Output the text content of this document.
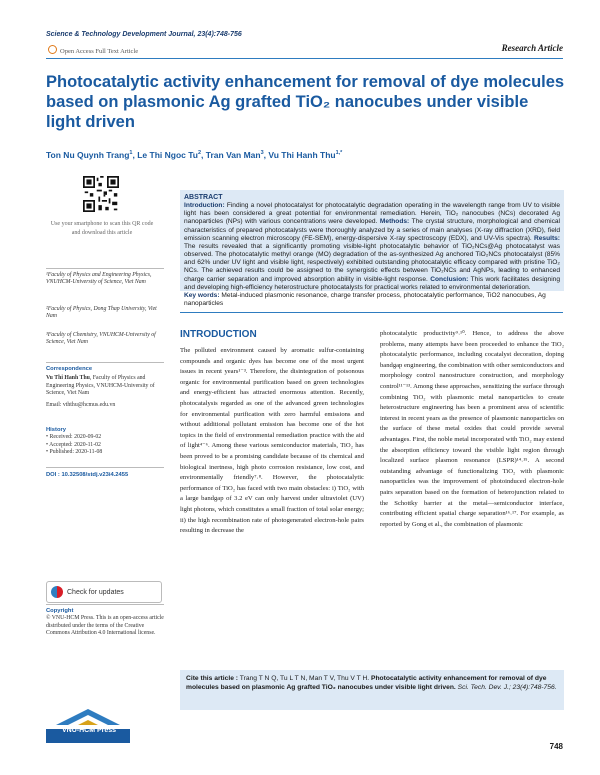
Science & Technology Development Journal, 23(4):748-756
Open Access Full Text Article	Research Article
Photocatalytic activity enhancement for removal of dye molecules based on plasmonic Ag grafted TiO₂ nanocubes under visible light driven
Ton Nu Quynh Trang$^1$, Le Thi Ngoc Tu$^2$, Tran Van Man$^3$, Vu Thi Hanh Thu$^{1,*}$
Use your smartphone to scan this QR code and download this article
ABSTRACT
Introduction: Finding a novel photocatalyst for photocatalytic degradation operating in the wavelength range from UV to visible light has been considered a great potential for environmental remediation. Herein, TiO₂ nanocubes (NCs) decorated Ag nanoparticles (NPs) with various concentrations were developed. Methods: The crystal structure, morphological and chemical characteristics of prepared photocatalysts were thoroughly analyzed by a series of main analyses (X-ray diffraction (XRD), field emission scanning electron microscopy (FE-SEM), energy-dispersive X-ray spectroscopy (EDX), and UV-Vis spectra). Results: The results revealed that a significantly promoting visible-light photocatalytic behavior of TiO₂NCs@Ag photocatalyst was observed. The photocatalytic methyl orange (MO) degradation of the as-synthesized Ag anchored TiO₂NCs photocatalyst (85% and 62% under UV light and visible light, respectively) exhibited outstanding photocatalytic efficacy compared with pristine TiO₂ NCs. The achieved results could be assigned to the synergistic effects between TiO₂NCs and AgNPs, leading to enhanced charge carrier separation and improved absorption ability in visible-light response. Conclusion: This work facilitates designing and developing high-efficiency heterostructure photocatalysts for practical works related to environmental deterioration.
Key words: Metal-induced plasmonic resonance, charge transfer process, photocatalytic performance, TiO2 nanocubes, Ag nanoparticles
¹Faculty of Physics and Engineering Physics, VNUHCM-University of Science, Viet Nam
²Faculty of Physics, Dong Thap University, Viet Nam
³Faculty of Chemistry, VNUHCM-University of Science, Viet Nam
Correspondence
Vu Thi Hanh Thu, Faculty of Physics and Engineering Physics, VNUHCM-University of Science, Viet Nam
Email: vththu@hcmus.edu.vn
History
• Received: 2020-09-02
• Accepted: 2020-11-02
• Published: 2020-11-08
DOI : 10.32508/stdj.v23i4.2455
Check for updates
Copyright
© VNU-HCM Press. This is an open-access article distributed under the terms of the Creative Commons Attribution 4.0 International license.
VNU-HCM Press
INTRODUCTION
The polluted environment caused by aromatic sulfur-containing compounds and organic dyes has become one of the most urgent issues in recent years¹⁻³. Therefore, the disintegration of poisonous organic for environmental purification based on green technologies and energy-efficient has attracted enormous attention. Recently, photocatalysis regarded as one of the advanced green technologies for environmental purification with zero harmful emissions and without additional pollutant emission has become one of the hot topics in the field of environmental remediation practice with the aid of light⁴⁻⁶. Among these various semiconductor materials, TiO₂ has been proved to be a promising candidate because of its chemical and biological inertness, high photo corrosion resistance, low cost, and environmentally friendly⁷˒⁸. However, the photocatalytic performance of TiO₂ has faced with two main obstacles: i) TiO₂ with a large bandgap of 3.2 eV can only harvest under ultraviolet (UV) light photons, which constitutes a small fraction of total solar energy; ii) the high recombination rate of photogenerated electron-hole pairs resulting in decrease the
photocatalytic productivity⁹˒¹⁰. Hence, to address the above problems, many attempts have been proceeded to enhance the TiO₂ photocatalytic performance, including cocatalyst decoration, doping bandgap engineering, the combination with other semiconductors and morphology control nanostructure construction, and morphology control¹¹⁻¹³. Among these approaches, sensitizing the surface through combining TiO₂ with plasmonic metal nanoparticles to create heterostructure engineering has been a prominent area of scientific interest in recent years as the presence of plasmonic nanoparticles on the surface of these metal oxides that could provide several advantages. First, the noble metal incorporated with TiO₂ may extend the absorption efficiency toward the visible light region through localized surface plasmon resonance (LSPR)¹⁴˒¹⁵. A second outstanding advantage of functionalizing TiO₂ with plasmonic nanoparticles was the improvement of photoinduced electron-hole pairs separation based on the formation of heterojunction related to the Schottky barrier at the metal—semiconductor interface, contributing efficient spatial charge separation¹⁶˒¹⁷. For example, as reported by Gong et al., the combination of plasmonic
Cite this article : Trang T N Q, Tu L T N, Man T V, Thu V T H. Photocatalytic activity enhancement for removal of dye molecules based on plasmonic Ag grafted TiO₂ nanocubes under visible light driven. Sci. Tech. Dev. J.; 23(4):748-756.
748
